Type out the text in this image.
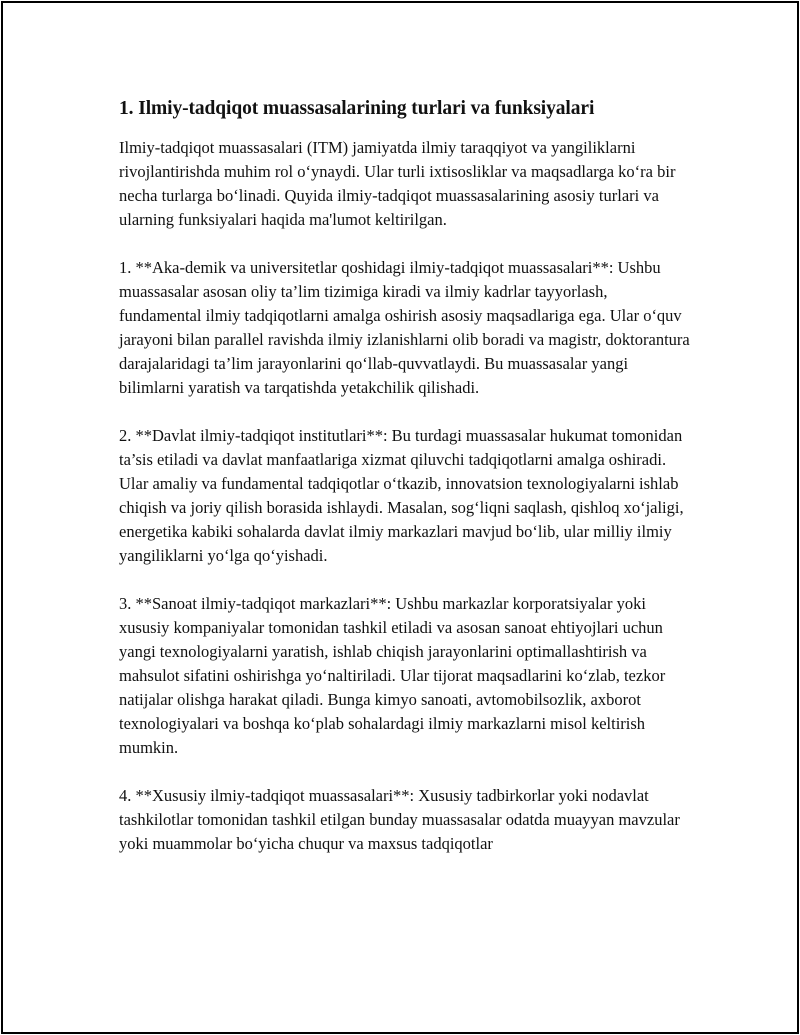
1. Ilmiy-tadqiqot muassasalarining turlari va funksiyalari

Ilmiy-tadqiqot muassasalari (ITM) jamiyatda ilmiy taraqqiyot va yangiliklarni rivojlantirishda muhim rol o‘ynaydi. Ular turli ixtisosliklar va maqsadlarga ko‘ra bir necha turlarga bo‘linadi. Quyida ilmiy-tadqiqot muassasalarining asosiy turlari va ularning funksiyalari haqida ma'lumot keltirilgan.

1. **Aka-demik va universitetlar qoshidagi ilmiy-tadqiqot muassasalari**: Ushbu muassasalar asosan oliy ta’lim tizimiga kiradi va ilmiy kadrlar tayyorlash, fundamental ilmiy tadqiqotlarni amalga oshirish asosiy maqsadlariga ega. Ular o‘quv jarayoni bilan parallel ravishda ilmiy izlanishlarni olib boradi va magistr, doktorantura darajalaridagi ta’lim jarayonlarini qo‘llab-quvvatlaydi. Bu muassasalar yangi bilimlarni yaratish va tarqatishda yetakchilik qilishadi.

2. **Davlat ilmiy-tadqiqot institutlari**: Bu turdagi muassasalar hukumat tomonidan ta’sis etiladi va davlat manfaatlariga xizmat qiluvchi tadqiqotlarni amalga oshiradi. Ular amaliy va fundamental tadqiqotlar o‘tkazib, innovatsion texnologiyalarni ishlab chiqish va joriy qilish borasida ishlaydi. Masalan, sog‘liqni saqlash, qishloq xo‘jaligi, energetika kabiki sohalarda davlat ilmiy markazlari mavjud bo‘lib, ular milliy ilmiy yangiliklarni yo‘lga qo‘yishadi.

3. **Sanoat ilmiy-tadqiqot markazlari**: Ushbu markazlar korporatsiyalar yoki xususiy kompaniyalar tomonidan tashkil etiladi va asosan sanoat ehtiyojlari uchun yangi texnologiyalarni yaratish, ishlab chiqish jarayonlarini optimallashtirish va mahsulot sifatini oshirishga yo‘naltiriladi. Ular tijorat maqsadlarini ko‘zlab, tezkor natijalar olishga harakat qiladi. Bunga kimyo sanoati, avtomobilsozlik, axborot texnologiyalari va boshqa ko‘plab sohalardagi ilmiy markazlarni misol keltirish mumkin.

4. **Xususiy ilmiy-tadqiqot muassasalari**: Xususiy tadbirkorlar yoki nodavlat tashkilotlar tomonidan tashkil etilgan bunday muassasalar odatda muayyan mavzular yoki muammolar bo‘yicha chuqur va maxsus tadqiqotlar
